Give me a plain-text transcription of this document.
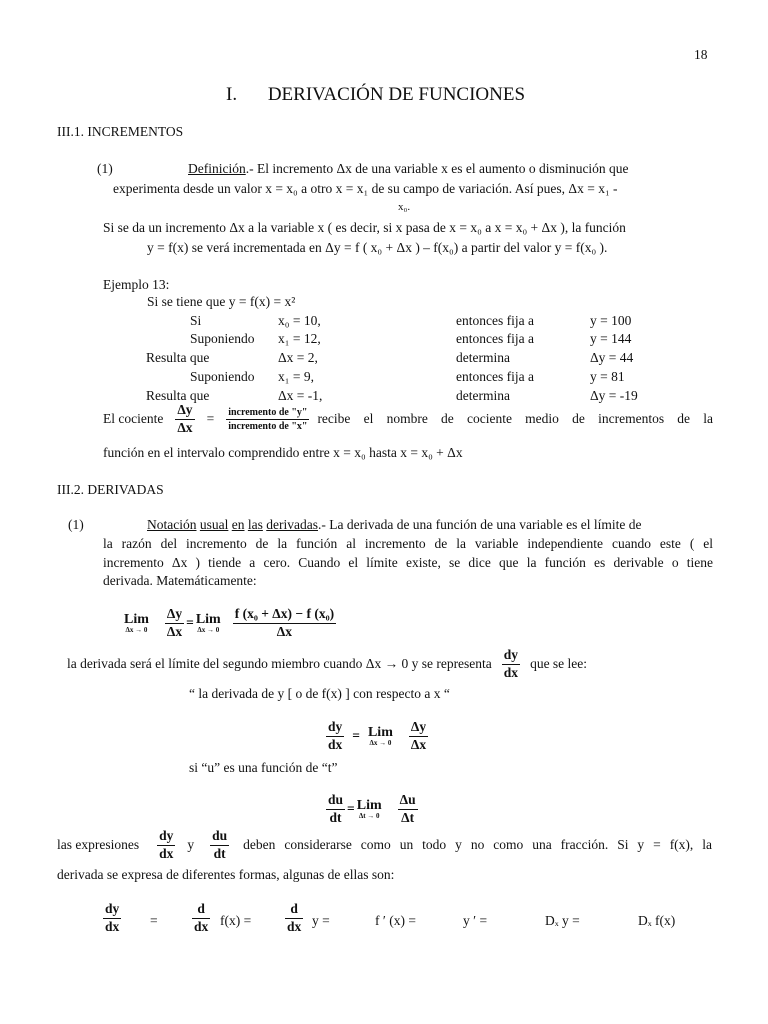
18
I. DERIVACIÓN DE FUNCIONES
III.1. INCREMENTOS
(1)	Definición.- El incremento Δx de una variable x es el aumento o disminución que
experimenta desde un valor x = x₀ a otro x = x₁ de su campo de variación. Así pues, Δx = x₁ -
x₀.
Si se da un incremento Δx a la variable x ( es decir, si x pasa de x = x₀ a x = x₀ + Δx ), la función
y = f(x) se verá incrementada en Δy = f ( x₀ + Δx ) – f(x₀) a partir del valor y = f(x₀ ).
Ejemplo 13:
Si se tiene que y = f(x) = x²
Si	x₀ = 10,	entonces fija a	y = 100
Suponiendo x₁ = 12,	entonces fija a	y = 144
Resulta que	Δx = 2,	determina	Δy = 44
Suponiendo x₁ = 9,	entonces fija a	y = 81
Resulta que	Δx = -1,	determina	Δy = -19
El cociente $\frac{\Delta y}{\Delta x} = \frac{\text{incremento de "y"}}{\text{incremento de "x"}}$ recibe el nombre de cociente medio de incrementos de la
función en el intervalo comprendido entre x = x₀ hasta x = x₀ + Δx
III.2. DERIVADAS
(1)	Notación usual en las derivadas.- La derivada de una función de una variable es el límite de
la razón del incremento de la función al incremento de la variable independiente cuando este ( el
incremento Δx ) tiende a cero. Cuando el límite existe, se dice que la función es derivable o tiene
derivada. Matemáticamente:
Lim
$\Delta x \to 0 \frac{\Delta y}{\Delta x}$ = Lim
$\Delta x \to 0 \frac{\text{f (x₀ + Δx) − f (x₀)}}{\Delta x}$
la derivada será el límite del segundo miembro cuando Δx → 0 y se representa $\frac{dy}{dx}$ que se lee:
“ la derivada de y [ o de f(x) ] con respecto a x “
$\frac{dy}{dx}$ = Lim
$\Delta x \to 0 \frac{\Delta y}{\Delta x}$
si “u” es una función de “t”
$\frac{du}{dt}$ = Lim
$\Delta t \to 0 \frac{\Delta u}{\Delta t}$
las expresiones $\frac{dy}{dx}$ y $\frac{du}{dt}$ deben considerarse como un todo y no como una fracción. Si y = f(x), la
derivada se expresa de diferentes formas, algunas de ellas son:
$\frac{dy}{dx}$ =	$\frac{d}{dx} f(x)$ =	$\frac{d}{dx}$ y =	f ′ (x) =	y ′ =	Dₓ y =	Dₓ f(x)
